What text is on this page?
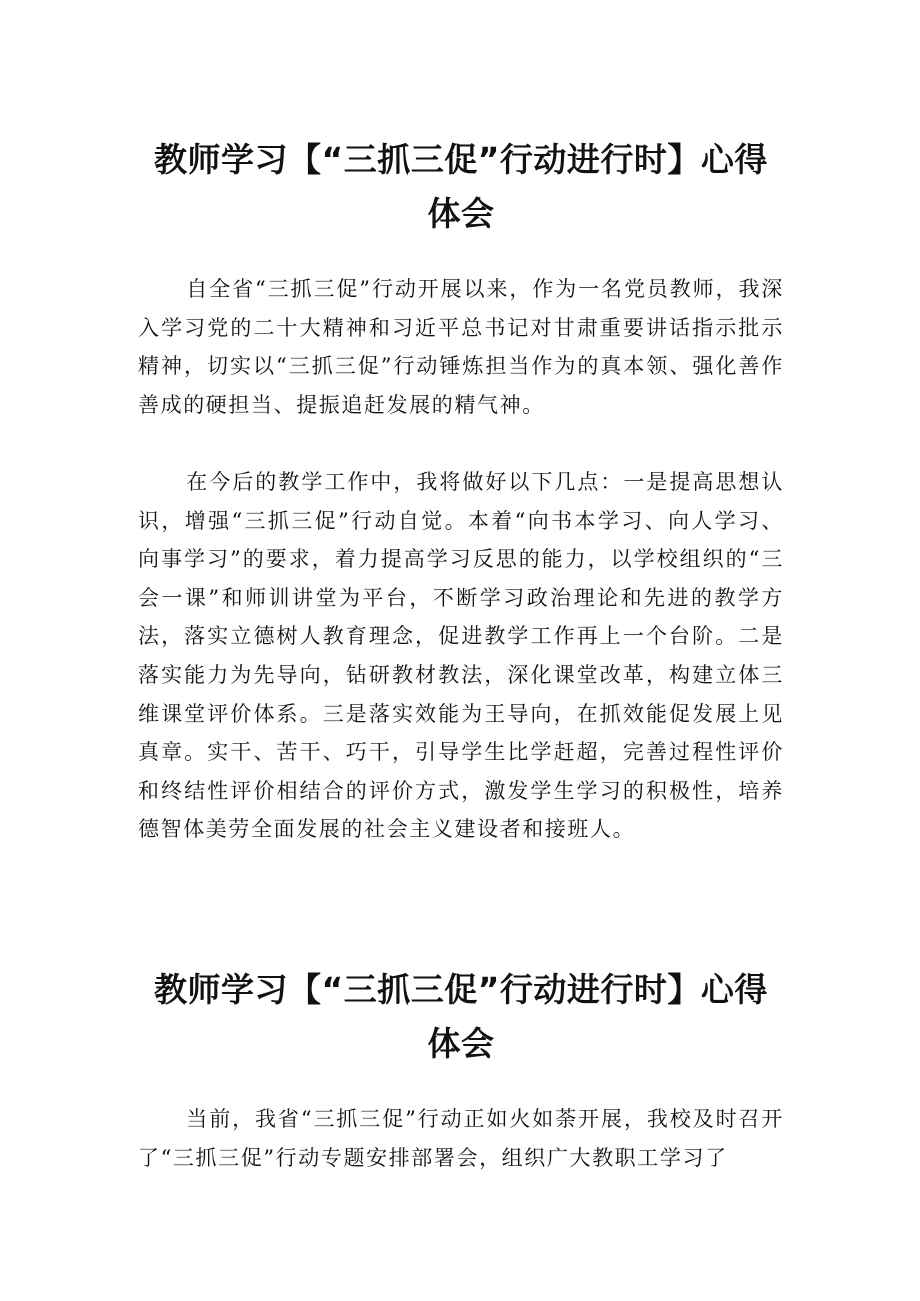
教师学习【“三抓三促”行动进行时】心得体会

自全省“三抓三促”行动开展以来，作为一名党员教师，我深入学习党的二十大精神和习近平总书记对甘肃重要讲话指示批示精神，切实以“三抓三促”行动锤炼担当作为的真本领、强化善作善成的硬担当、提振追赶发展的精气神。

在今后的教学工作中，我将做好以下几点：一是提高思想认识，增强“三抓三促”行动自觉。本着“向书本学习、向人学习、向事学习”的要求，着力提高学习反思的能力，以学校组织的“三会一课”和师训讲堂为平台，不断学习政治理论和先进的教学方法，落实立德树人教育理念，促进教学工作再上一个台阶。二是落实能力为先导向，钻研教材教法，深化课堂改革，构建立体三维课堂评价体系。三是落实效能为王导向，在抓效能促发展上见真章。实干、苦干、巧干，引导学生比学赶超，完善过程性评价和终结性评价相结合的评价方式，激发学生学习的积极性，培养德智体美劳全面发展的社会主义建设者和接班人。

教师学习【“三抓三促”行动进行时】心得体会

当前，我省“三抓三促”行动正如火如荼开展，我校及时召开了“三抓三促”行动专题安排部署会，组织广大教职工学习了
